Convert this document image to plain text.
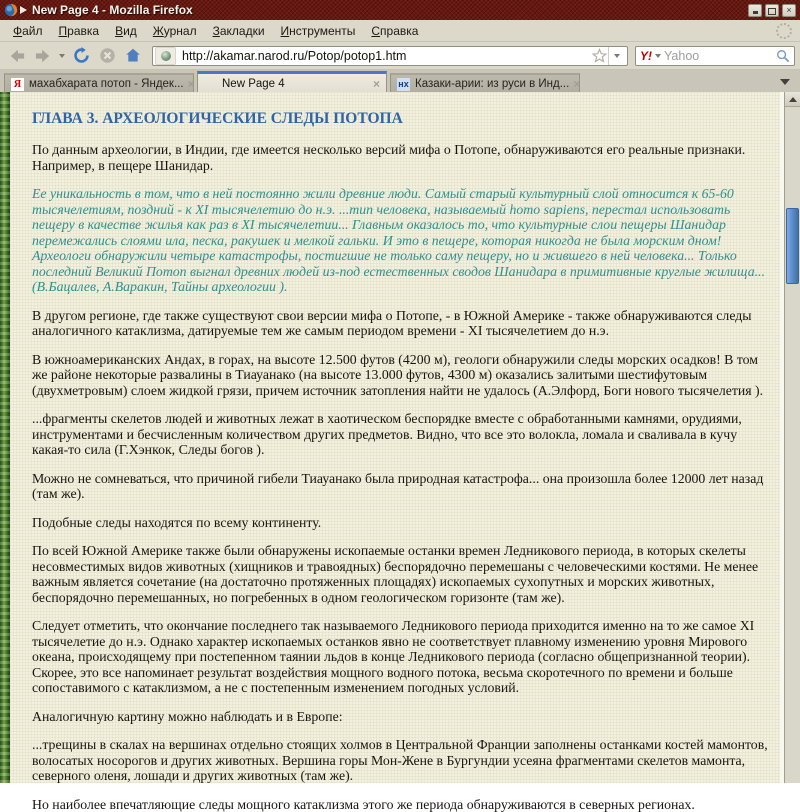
New Page 4 - Mozilla Firefox	×
Файл	Правка	Вид	Журнал	Закладки	Инструменты	Справка
http://akamar.narod.ru/Potop/potop1.htm	Y! Yahoo
Я махабхарата потоп - Яндек... × New Page 4	× нх Казаки-арии: из руси в Инд... ×
ГЛАВА 3. АРХЕОЛОГИЧЕСКИЕ СЛЕДЫ ПОТОПА

По данным археологии, в Индии, где имеется несколько версий мифа о Потопе, обнаруживаются его реальные признаки. Например, в пещере Шанидар.

Ее уникальность в том, что в ней постоянно жили древние люди. Самый старый культурный слой относится к 65-60 тысячелетиям, поздний - к XI тысячелетию до н.э. ...тип человека, называемый homo sapiens, перестал использовать пещеру в качестве жилья как раз в XI тысячелетии... Главным оказалось то, что культурные слои пещеры Шанидар перемежались слоями ила, песка, ракушек и мелкой гальки. И это в пещере, которая никогда не была морским дном! Археологи обнаружили четыре катастрофы, постигшие не только саму пещеру, но и жившего в ней человека... Только последний Великий Потоп выгнал древних людей из-под естественных сводов Шанидара в примитивные круглые жилища... (В.Бацалев, А.Варакин, Тайны археологии ).

В другом регионе, где также существуют свои версии мифа о Потопе, - в Южной Америке - также обнаруживаются следы аналогичного катаклизма, датируемые тем же самым периодом времени - XI тысячелетием до н.э.

В южноамериканских Андах, в горах, на высоте 12.500 футов (4200 м), геологи обнаружили следы морских осадков! В том же районе некоторые развалины в Тиауанако (на высоте 13.000 футов, 4300 м) оказались залитыми шестифутовым (двухметровым) слоем жидкой грязи, причем источник затопления найти не удалось (А.Элфорд, Боги нового тысячелетия ).

...фрагменты скелетов людей и животных лежат в хаотическом беспорядке вместе с обработанными камнями, орудиями, инструментами и бесчисленным количеством других предметов. Видно, что все это волокла, ломала и сваливала в кучу какая-то сила (Г.Хэнкок, Следы богов ).

Можно не сомневаться, что причиной гибели Тиауанако была природная катастрофа... она произошла более 12000 лет назад (там же).

Подобные следы находятся по всему континенту.

По всей Южной Америке также были обнаружены ископаемые останки времен Ледникового периода, в которых скелеты несовместимых видов животных (хищников и травоядных) беспорядочно перемешаны с человеческими костями. Не менее важным является сочетание (на достаточно протяженных площадях) ископаемых сухопутных и морских животных, беспорядочно перемешанных, но погребенных в одном геологическом горизонте (там же).

Следует отметить, что окончание последнего так называемого Ледникового периода приходится именно на то же самое XI тысячелетие до н.э. Однако характер ископаемых останков явно не соответствует плавному изменению уровня Мирового океана, происходящему при постепенном таянии льдов в конце Ледникового периода (согласно общепризнанной теории). Скорее, это все напоминает результат воздействия мощного водного потока, весьма скоротечного по времени и больше сопоставимого с катаклизмом, а не с постепенным изменением погодных условий.

Аналогичную картину можно наблюдать и в Европе:

...трещины в скалах на вершинах отдельно стоящих холмов в Центральной Франции заполнены останками костей мамонтов, волосатых носорогов и других животных. Вершина горы Мон-Жене в Бургундии усеяна фрагментами скелетов мамонта, северного оленя, лошади и других животных (там же).

Но наиболее впечатляющие следы мощного катаклизма этого же периода обнаруживаются в северных регионах.
